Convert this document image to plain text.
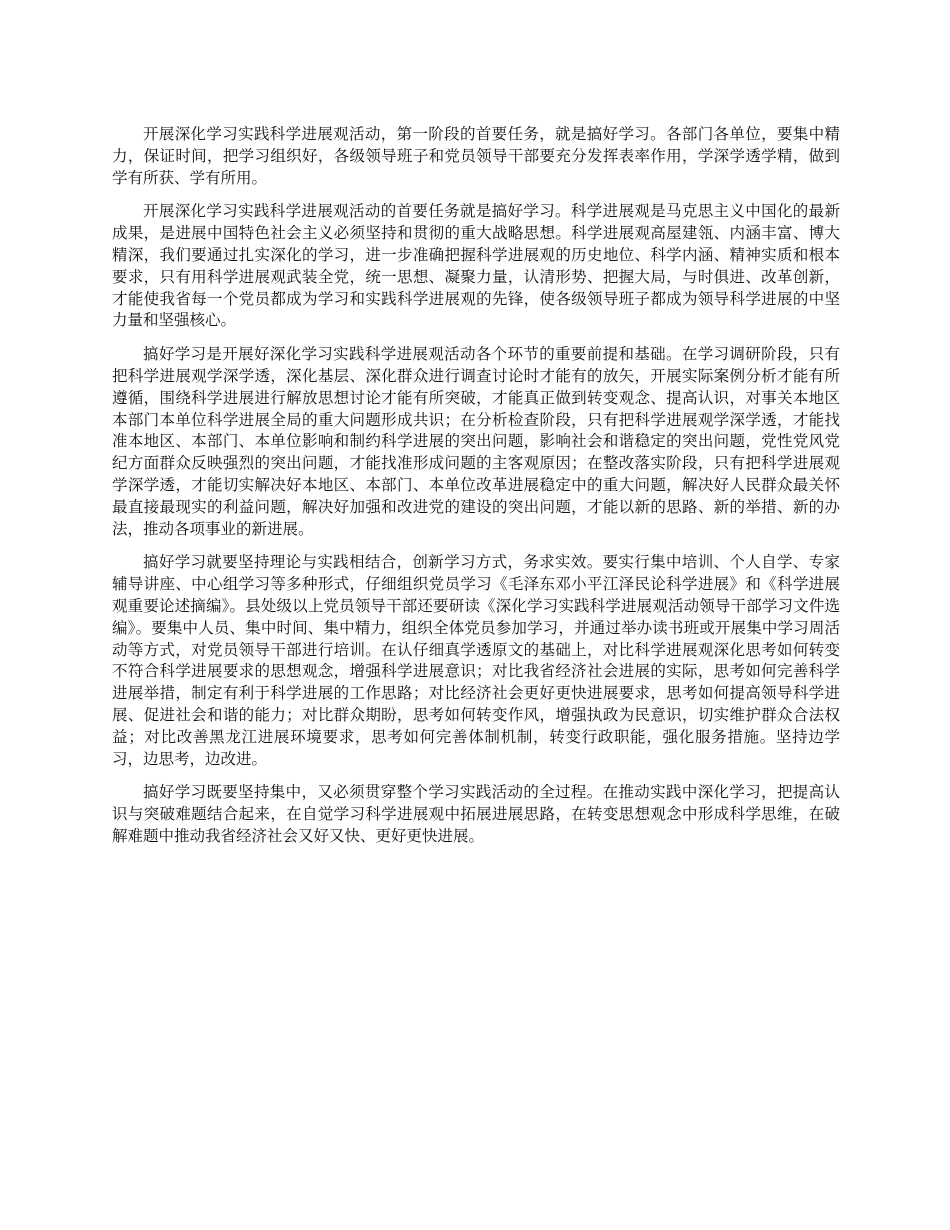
开展深化学习实践科学进展观活动，第一阶段的首要任务，就是搞好学习。各部门各单位，要集中精力，保证时间，把学习组织好，各级领导班子和党员领导干部要充分发挥表率作用，学深学透学精，做到学有所获、学有所用。

开展深化学习实践科学进展观活动的首要任务就是搞好学习。科学进展观是马克思主义中国化的最新成果，是进展中国特色社会主义必须坚持和贯彻的重大战略思想。科学进展观高屋建瓴、内涵丰富、博大精深，我们要通过扎实深化的学习，进一步准确把握科学进展观的历史地位、科学内涵、精神实质和根本要求，只有用科学进展观武装全党，统一思想、凝聚力量，认清形势、把握大局，与时俱进、改革创新，才能使我省每一个党员都成为学习和实践科学进展观的先锋，使各级领导班子都成为领导科学进展的中坚力量和坚强核心。

搞好学习是开展好深化学习实践科学进展观活动各个环节的重要前提和基础。在学习调研阶段，只有把科学进展观学深学透，深化基层、深化群众进行调查讨论时才能有的放矢，开展实际案例分析才能有所遵循，围绕科学进展进行解放思想讨论才能有所突破，才能真正做到转变观念、提高认识，对事关本地区本部门本单位科学进展全局的重大问题形成共识；在分析检查阶段，只有把科学进展观学深学透，才能找准本地区、本部门、本单位影响和制约科学进展的突出问题，影响社会和谐稳定的突出问题，党性党风党纪方面群众反映强烈的突出问题，才能找准形成问题的主客观原因；在整改落实阶段，只有把科学进展观学深学透，才能切实解决好本地区、本部门、本单位改革进展稳定中的重大问题，解决好人民群众最关怀最直接最现实的利益问题，解决好加强和改进党的建设的突出问题，才能以新的思路、新的举措、新的办法，推动各项事业的新进展。

搞好学习就要坚持理论与实践相结合，创新学习方式，务求实效。要实行集中培训、个人自学、专家辅导讲座、中心组学习等多种形式，仔细组织党员学习《毛泽东邓小平江泽民论科学进展》和《科学进展观重要论述摘编》。县处级以上党员领导干部还要研读《深化学习实践科学进展观活动领导干部学习文件选编》。要集中人员、集中时间、集中精力，组织全体党员参加学习，并通过举办读书班或开展集中学习周活动等方式，对党员领导干部进行培训。在认仔细真学透原文的基础上，对比科学进展观深化思考如何转变不符合科学进展要求的思想观念，增强科学进展意识；对比我省经济社会进展的实际，思考如何完善科学进展举措，制定有利于科学进展的工作思路；对比经济社会更好更快进展要求，思考如何提高领导科学进展、促进社会和谐的能力；对比群众期盼，思考如何转变作风，增强执政为民意识，切实维护群众合法权益；对比改善黑龙江进展环境要求，思考如何完善体制机制，转变行政职能，强化服务措施。坚持边学习，边思考，边改进。

搞好学习既要坚持集中，又必须贯穿整个学习实践活动的全过程。在推动实践中深化学习，把提高认识与突破难题结合起来，在自觉学习科学进展观中拓展进展思路，在转变思想观念中形成科学思维，在破解难题中推动我省经济社会又好又快、更好更快进展。
